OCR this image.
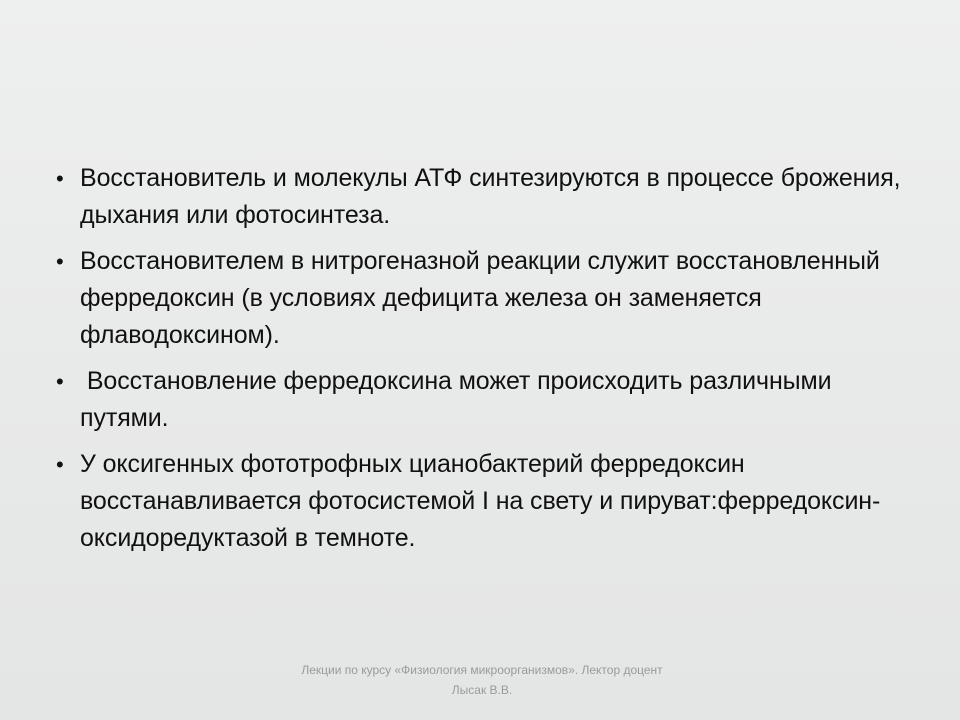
• Восстановитель и молекулы АТФ синтезируются в процессе брожения, дыхания или фотосинтеза.
• Восстановителем в нитрогеназной реакции служит восстановленный ферредоксин (в условиях дефицита железа он заменяется флаводоксином).
• Восстановление ферредоксина может происходить различными путями.
• У оксигенных фототрофных цианобактерий ферредоксин восстанавливается фотосистемой I на свету и пируват:ферредоксин-оксидоредуктазой в темноте.
Лекции по курсу «Физиология микроорганизмов». Лектор доцент Лысак В.В.
